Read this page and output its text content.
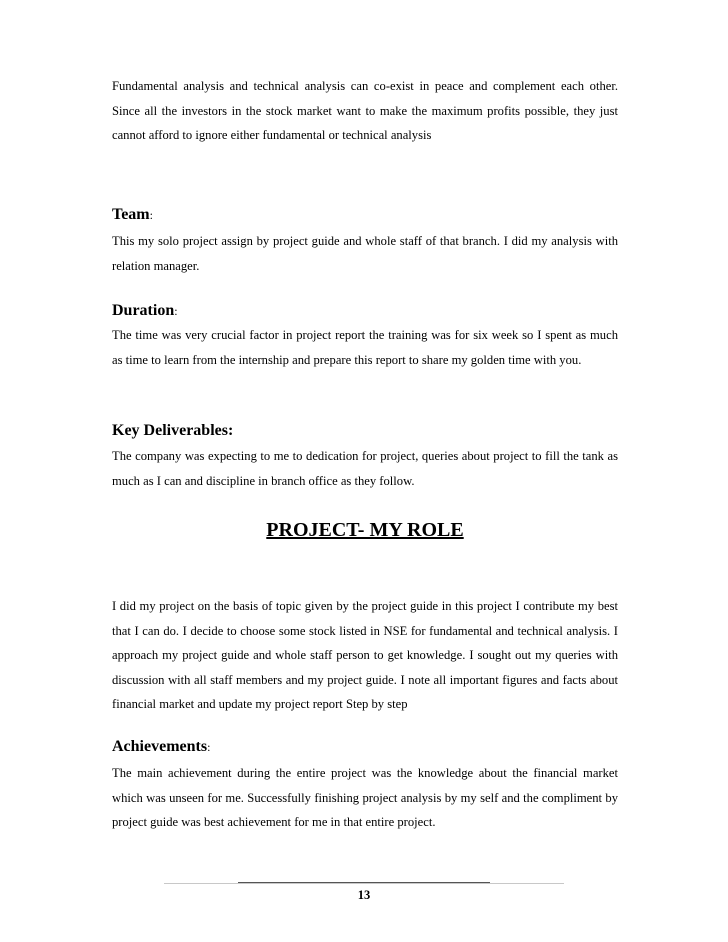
Fundamental analysis and technical analysis can co-exist in peace and complement each other. Since all the investors in the stock market want to make the maximum profits possible, they just cannot afford to ignore either fundamental or technical analysis

Team:

This my solo project assign by project guide and whole staff of that branch. I did my analysis with relation manager.

Duration:

The time was very crucial factor in project report the training was for six week so I spent as much as time to learn from the internship and prepare this report to share my golden time with you.

Key Deliverables:

The company was expecting to me to dedication for project, queries about project to fill the tank as much as I can and discipline in branch office as they follow.

PROJECT- MY ROLE

I did my project on the basis of topic given by the project guide in this project I contribute my best that I can do. I decide to choose some stock listed in NSE for fundamental and technical analysis. I approach my project guide and whole staff person to get knowledge. I sought out my queries with discussion with all staff members and my project guide. I note all important figures and facts about financial market and update my project report Step by step

Achievements:

The main achievement during the entire project was the knowledge about the financial market which was unseen for me. Successfully finishing project analysis by my self and the compliment by project guide was best achievement for me in that entire project.

13
